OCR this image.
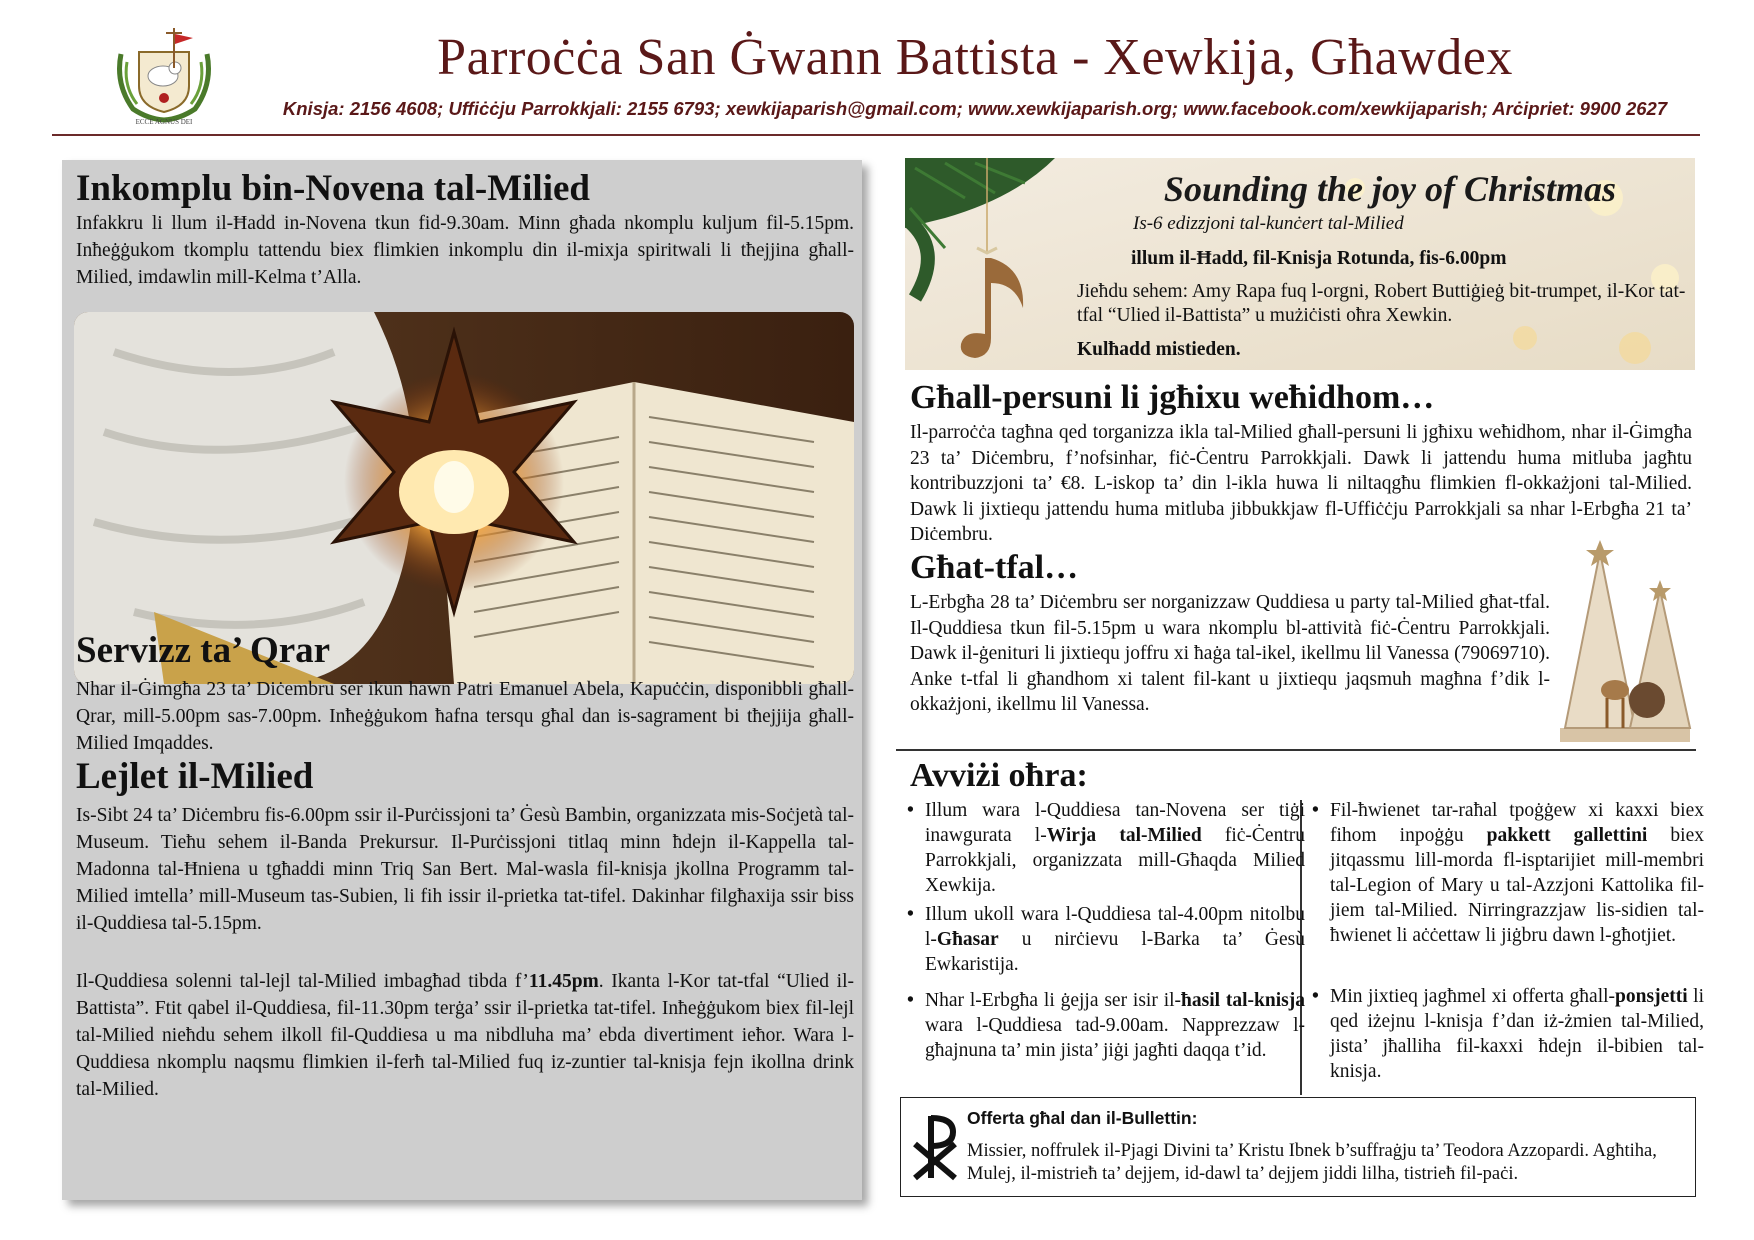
ECCE AGNUS DEI
Parroċċa San Ġwann Battista - Xewkija, Għawdex
Knisja: 2156 4608; Uffiċċju Parrokkjali: 2155 6793; xewkijaparish@gmail.com; www.xewkijaparish.org; www.facebook.com/xewkijaparish; Arċipriet: 9900 2627
Inkomplu bin-Novena tal-Milied
Infakkru li llum il-Ħadd in-Novena tkun fid-9.30am. Minn għada nkomplu kuljum fil-5.15pm. Inħeġġukom tkomplu tattendu biex flimkien inkomplu din il-mixja spiritwali li tħejjina għall-Milied, imdawlin mill-Kelma t’Alla.
Servizz ta’ Qrar
Nhar il-Ġimgħa 23 ta’ Diċembru ser ikun hawn Patri Emanuel Abela, Kapuċċin, disponibbli għall-Qrar, mill-5.00pm sas-7.00pm. Inħeġġukom ħafna tersqu għal dan is-sagrament bi tħejjija għall-Milied Imqaddes.
Lejlet il-Milied
Is-Sibt 24 ta’ Diċembru fis-6.00pm ssir il-Purċissjoni ta’ Ġesù Bambin, organizzata mis-Soċjetà tal-Museum. Tieħu sehem il-Banda Prekursur. Il-Purċissjoni titlaq minn ħdejn il-Kappella tal-Madonna tal-Ħniena u tgħaddi minn Triq San Bert. Mal-wasla fil-knisja jkollna Programm tal-Milied imtella’ mill-Museum tas-Subien, li fih issir il-prietka tat-tifel. Dakinhar filgħaxija ssir biss il-Quddiesa tal-5.15pm.
Il-Quddiesa solenni tal-lejl tal-Milied imbagħad tibda f’11.45pm. Ikanta l-Kor tat-tfal “Ulied il-Battista”. Ftit qabel il-Quddiesa, fil-11.30pm terġa’ ssir il-prietka tat-tifel. Inħeġġukom biex fil-lejl tal-Milied nieħdu sehem ilkoll fil-Quddiesa u ma nibdluha ma’ ebda divertiment ieħor. Wara l-Quddiesa nkomplu naqsmu flimkien il-ferħ tal-Milied fuq iz-zuntier tal-knisja fejn ikollna drink tal-Milied.
Sounding the joy of Christmas
Is-6 edizzjoni tal-kunċert tal-Milied
illum il-Ħadd, fil-Knisja Rotunda, fis-6.00pm
Jieħdu sehem: Amy Rapa fuq l-orgni, Robert Buttiġieġ bit-trumpet, il-Kor tat-tfal “Ulied il-Battista” u mużiċisti oħra Xewkin.
Kulħadd mistieden.
Għall-persuni li jgħixu weħidhom…
Il-parroċċa tagħna qed torganizza ikla tal-Milied għall-persuni li jgħixu weħidhom, nhar il-Ġimgħa 23 ta’ Diċembru, f’nofsinhar, fiċ-Ċentru Parrokkjali. Dawk li jattendu huma mitluba jagħtu kontribuzzjoni ta’ €8. L-iskop ta’ din l-ikla huwa li niltaqgħu flimkien fl-okkażjoni tal-Milied. Dawk li jixtiequ jattendu huma mitluba jibbukkjaw fl-Uffiċċju Parrokkjali sa nhar l-Erbgħa 21 ta’ Diċembru.
Għat-tfal…
L-Erbgħa 28 ta’ Diċembru ser norganizzaw Quddiesa u party tal-Milied għat-tfal. Il-Quddiesa tkun fil-5.15pm u wara nkomplu bl-attività fiċ-Ċentru Parrokkjali. Dawk il-ġenituri li jixtiequ joffru xi ħaġa tal-ikel, ikellmu lil Vanessa (79069710). Anke t-tfal li għandhom xi talent fil-kant u jixtiequ jaqsmuh magħna f’dik l-okkażjoni, ikellmu lil Vanessa.
Avviżi oħra:
• Illum wara l-Quddiesa tan-Novena ser tiġi inawgurata l-Wirja tal-Milied fiċ-Ċentru Parrokkjali, organizzata mill-Għaqda Milied Xewkija.
• Illum ukoll wara l-Quddiesa tal-4.00pm nitolbu l-Għasar u nirċievu l-Barka ta’ Ġesù Ewkaristija.
• Nhar l-Erbgħa li ġejja ser isir il-ħasil tal-knisja wara l-Quddiesa tad-9.00am. Napprezzaw l-għajnuna ta’ min jista’ jiġi jagħti daqqa t’id.
• Fil-ħwienet tar-raħal tpoġġew xi kaxxi biex fihom inpoġġu pakkett gallettini biex jitqassmu lill-morda fl-isptarijiet mill-membri tal-Legion of Mary u tal-Azzjoni Kattolika fil-jiem tal-Milied. Nirringrazzjaw lis-sidien tal-ħwienet li aċċettaw li jiġbru dawn l-għotjiet.
• Min jixtieq jagħmel xi offerta għall-ponsjetti li qed iżejnu l-knisja f’dan iż-żmien tal-Milied, jista’ jħalliha fil-kaxxi ħdejn il-bibien tal-knisja.
Offerta għal dan il-Bullettin:
Missier, noffrulek il-Pjagi Divini ta’ Kristu Ibnek b’suffraġju ta’ Teodora Azzopardi. Agħtiha, Mulej, il-mistrieħ ta’ dejjem, id-dawl ta’ dejjem jiddi lilha, tistrieħ fil-paċi.
